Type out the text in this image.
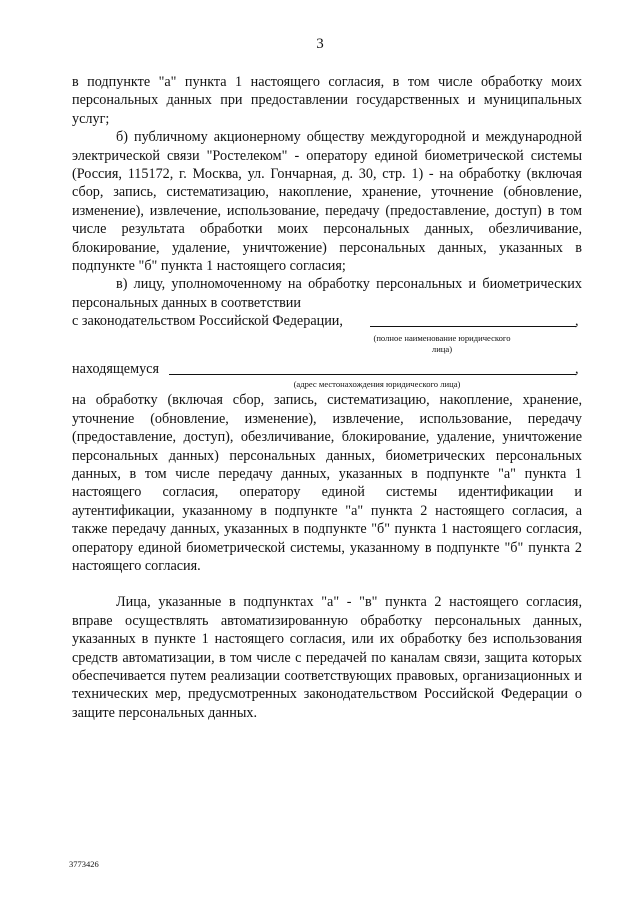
3

в подпункте "а" пункта 1 настоящего согласия, в том числе обработку моих персональных данных при предоставлении государственных и муниципальных услуг;

б) публичному акционерному обществу междугородной и международной электрической связи "Ростелеком" - оператору единой биометрической системы (Россия, 115172, г. Москва, ул. Гончарная, д. 30, стр. 1) - на обработку (включая сбор, запись, систематизацию, накопление, хранение, уточнение (обновление, изменение), извлечение, использование, передачу (предоставление, доступ) в том числе результата обработки моих персональных данных, обезличивание, блокирование, удаление, уничтожение) персональных данных, указанных в подпункте "б" пункта 1 настоящего согласия;

в) лицу, уполномоченному на обработку персональных и биометрических персональных данных в соответствии

с законодательством Российской Федерации,	,
(полное наименование юридического лица)
находящемуся	,
(адрес местонахождения юридического лица)

на обработку (включая сбор, запись, систематизацию, накопление, хранение, уточнение (обновление, изменение), извлечение, использование, передачу (предоставление, доступ), обезличивание, блокирование, удаление, уничтожение персональных данных) персональных данных, биометрических персональных данных, в том числе передачу данных, указанных в подпункте "а" пункта 1 настоящего согласия, оператору единой системы идентификации и аутентификации, указанному в подпункте "а" пункта 2 настоящего согласия, а также передачу данных, указанных в подпункте "б" пункта 1 настоящего согласия, оператору единой биометрической системы, указанному в подпункте "б" пункта 2 настоящего согласия.

Лица, указанные в подпунктах "а" - "в" пункта 2 настоящего согласия, вправе осуществлять автоматизированную обработку персональных данных, указанных в пункте 1 настоящего согласия, или их обработку без использования средств автоматизации, в том числе с передачей по каналам связи, защита которых обеспечивается путем реализации соответствующих правовых, организационных и технических мер, предусмотренных законодательством Российской Федерации о защите персональных данных.

3773426
